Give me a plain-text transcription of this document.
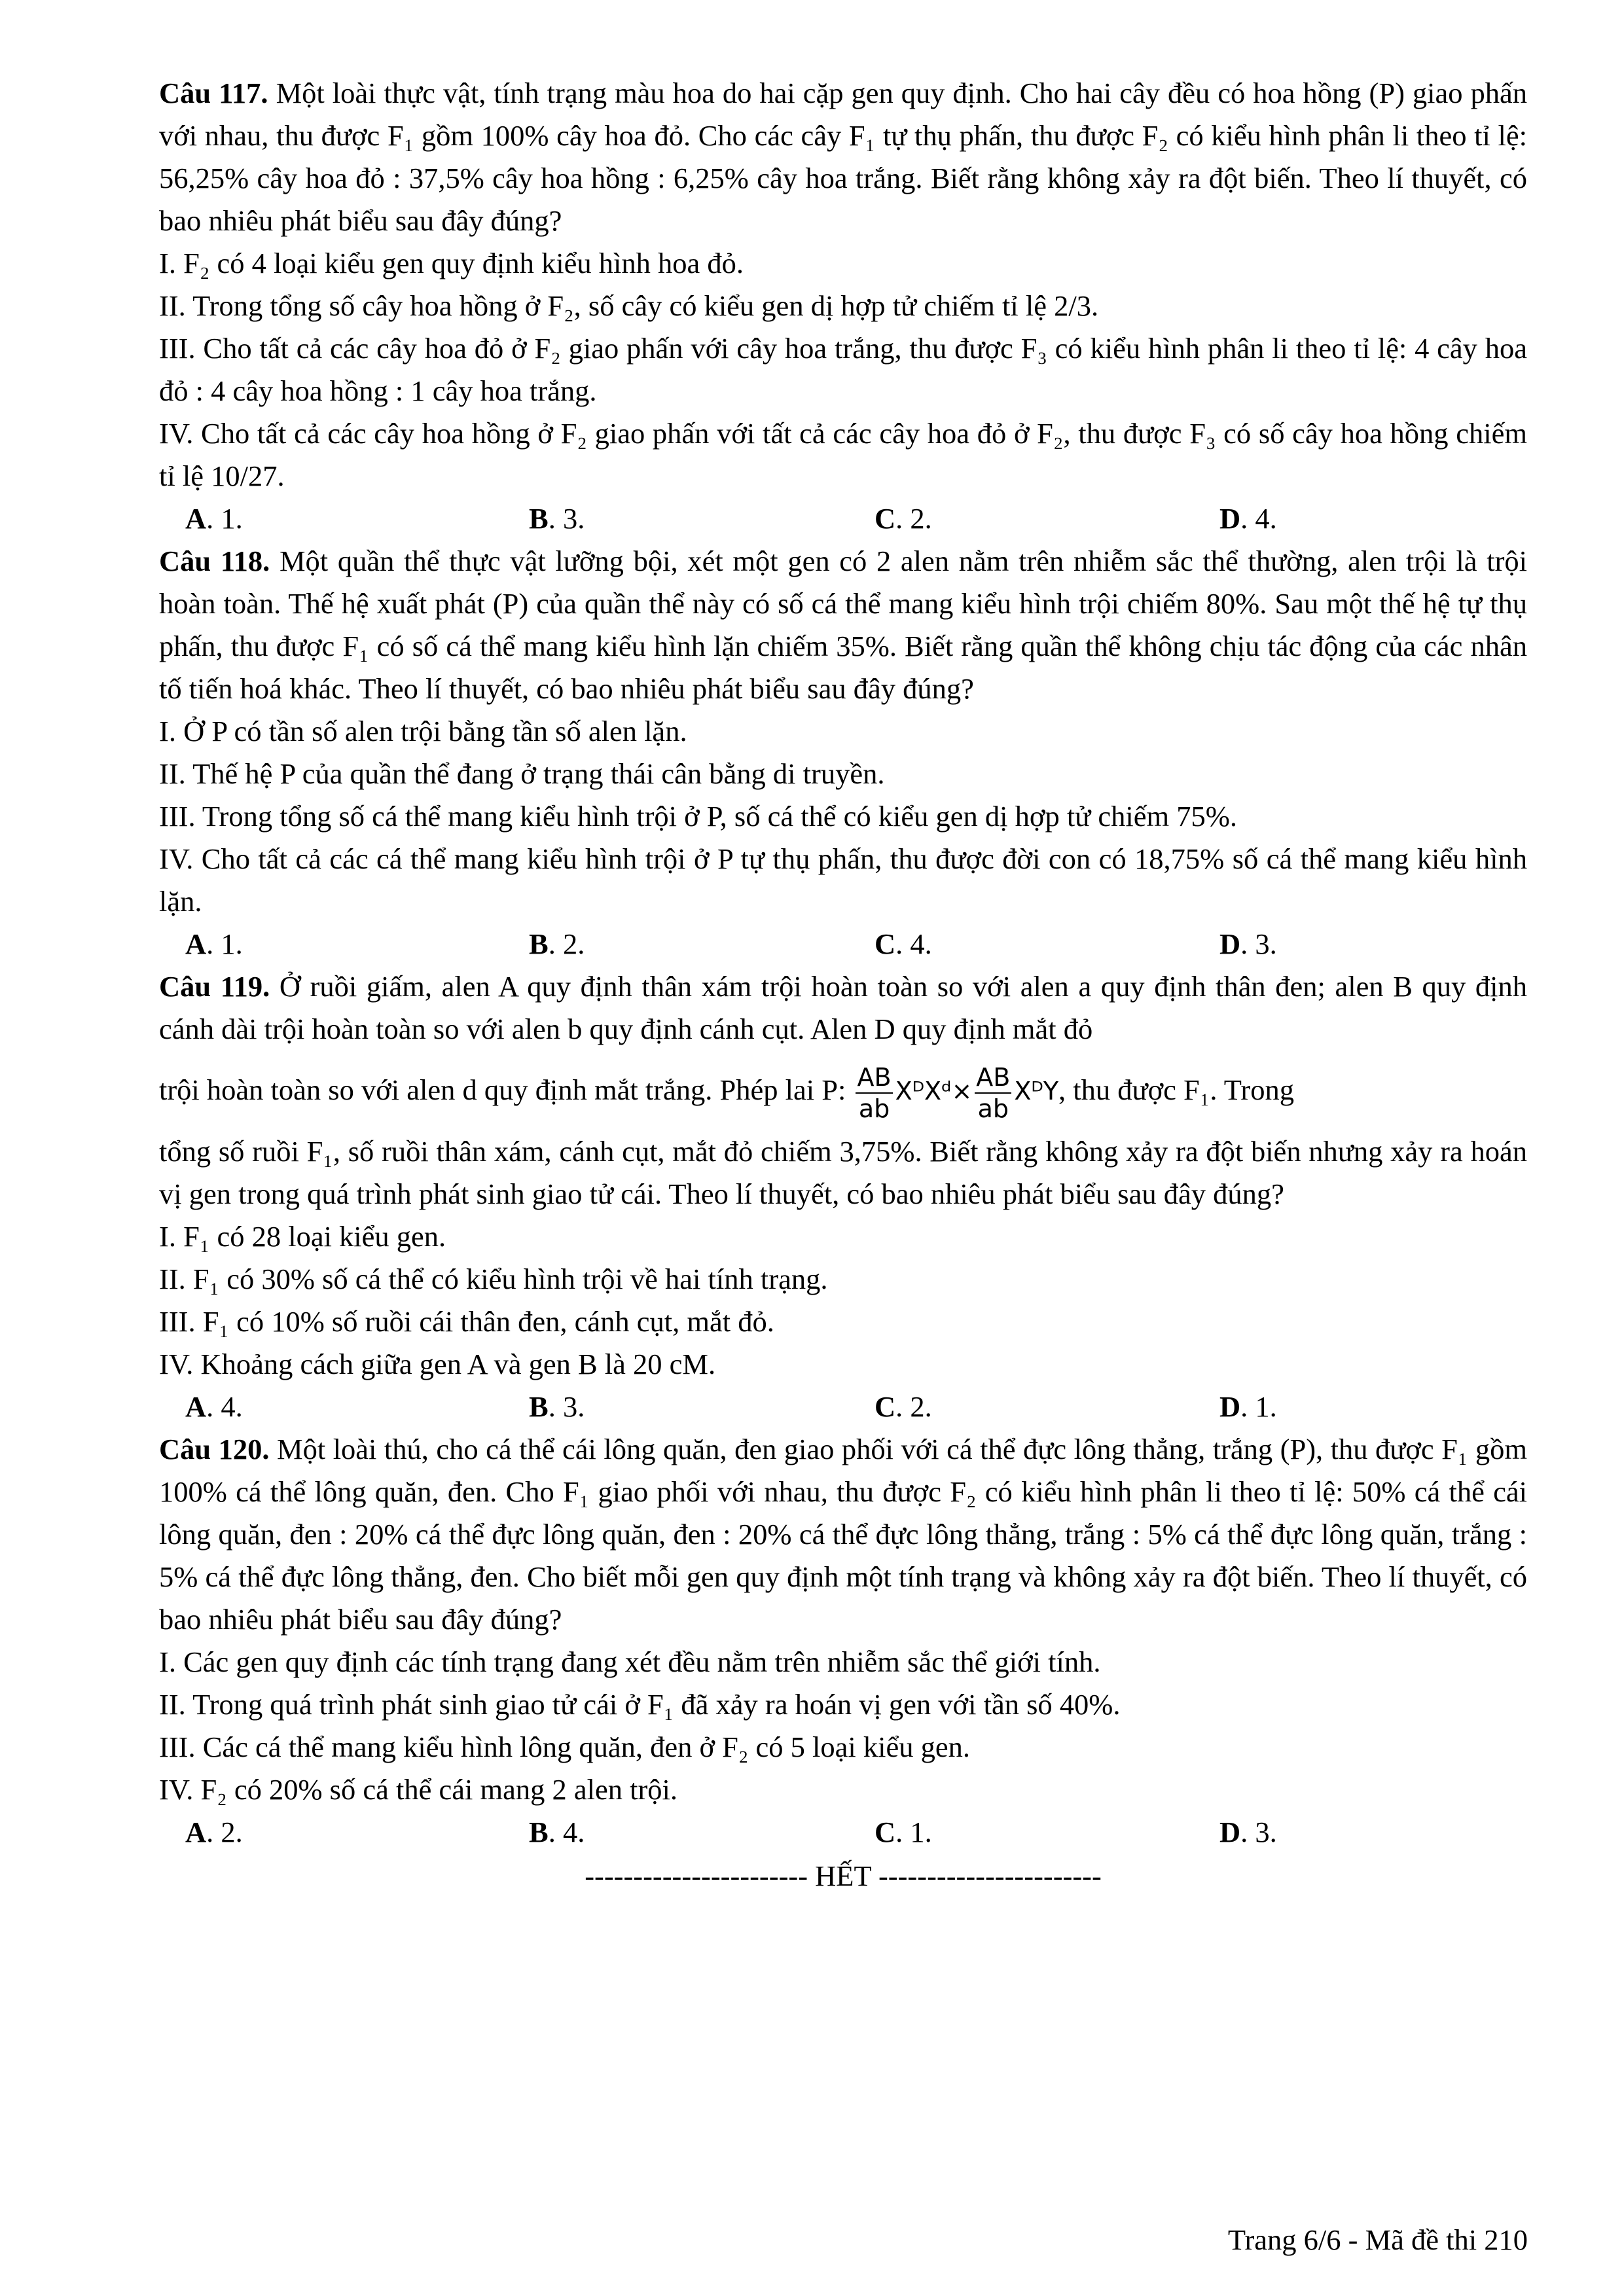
Câu 117. Một loài thực vật, tính trạng màu hoa do hai cặp gen quy định. Cho hai cây đều có hoa hồng (P) giao phấn với nhau, thu được F₁ gồm 100% cây hoa đỏ. Cho các cây F₁ tự thụ phấn, thu được F₂ có kiểu hình phân li theo tỉ lệ: 56,25% cây hoa đỏ : 37,5% cây hoa hồng : 6,25% cây hoa trắng. Biết rằng không xảy ra đột biến. Theo lí thuyết, có bao nhiêu phát biểu sau đây đúng?

I. F₂ có 4 loại kiểu gen quy định kiểu hình hoa đỏ.

II. Trong tổng số cây hoa hồng ở F₂, số cây có kiểu gen dị hợp tử chiếm tỉ lệ 2/3.

III. Cho tất cả các cây hoa đỏ ở F₂ giao phấn với cây hoa trắng, thu được F₃ có kiểu hình phân li theo tỉ lệ: 4 cây hoa đỏ : 4 cây hoa hồng : 1 cây hoa trắng.

IV. Cho tất cả các cây hoa hồng ở F₂ giao phấn với tất cả các cây hoa đỏ ở F₂, thu được F₃ có số cây hoa hồng chiếm tỉ lệ 10/27.

A. 1.	B. 3.	C. 2.	D. 4.

Câu 118. Một quần thể thực vật lưỡng bội, xét một gen có 2 alen nằm trên nhiễm sắc thể thường, alen trội là trội hoàn toàn. Thế hệ xuất phát (P) của quần thể này có số cá thể mang kiểu hình trội chiếm 80%. Sau một thế hệ tự thụ phấn, thu được F₁ có số cá thể mang kiểu hình lặn chiếm 35%. Biết rằng quần thể không chịu tác động của các nhân tố tiến hoá khác. Theo lí thuyết, có bao nhiêu phát biểu sau đây đúng?

I. Ở P có tần số alen trội bằng tần số alen lặn.

II. Thế hệ P của quần thể đang ở trạng thái cân bằng di truyền.

III. Trong tổng số cá thể mang kiểu hình trội ở P, số cá thể có kiểu gen dị hợp tử chiếm 75%.

IV. Cho tất cả các cá thể mang kiểu hình trội ở P tự thụ phấn, thu được đời con có 18,75% số cá thể mang kiểu hình lặn.

A. 1.	B. 2.	C. 4.	D. 3.

Câu 119. Ở ruồi giấm, alen A quy định thân xám trội hoàn toàn so với alen a quy định thân đen; alen B quy định cánh dài trội hoàn toàn so với alen b quy định cánh cụt. Alen D quy định mắt đỏ

trội hoàn toàn so với alen d quy định mắt trắng. Phép lai P: $\frac{AB}{ab}$ XᴰXᵈ× $\frac{AB}{ab}$ XᴰY, thu được F₁. Trong

tổng số ruồi F₁, số ruồi thân xám, cánh cụt, mắt đỏ chiếm 3,75%. Biết rằng không xảy ra đột biến nhưng xảy ra hoán vị gen trong quá trình phát sinh giao tử cái. Theo lí thuyết, có bao nhiêu phát biểu sau đây đúng?

I. F₁ có 28 loại kiểu gen.

II. F₁ có 30% số cá thể có kiểu hình trội về hai tính trạng.

III. F₁ có 10% số ruồi cái thân đen, cánh cụt, mắt đỏ.

IV. Khoảng cách giữa gen A và gen B là 20 cM.

A. 4.	B. 3.	C. 2.	D. 1.

Câu 120. Một loài thú, cho cá thể cái lông quăn, đen giao phối với cá thể đực lông thẳng, trắng (P), thu được F₁ gồm 100% cá thể lông quăn, đen. Cho F₁ giao phối với nhau, thu được F₂ có kiểu hình phân li theo tỉ lệ: 50% cá thể cái lông quăn, đen : 20% cá thể đực lông quăn, đen : 20% cá thể đực lông thẳng, trắng : 5% cá thể đực lông quăn, trắng : 5% cá thể đực lông thẳng, đen. Cho biết mỗi gen quy định một tính trạng và không xảy ra đột biến. Theo lí thuyết, có bao nhiêu phát biểu sau đây đúng?

I. Các gen quy định các tính trạng đang xét đều nằm trên nhiễm sắc thể giới tính.

II. Trong quá trình phát sinh giao tử cái ở F₁ đã xảy ra hoán vị gen với tần số 40%.

III. Các cá thể mang kiểu hình lông quăn, đen ở F₂ có 5 loại kiểu gen.

IV. F₂ có 20% số cá thể cái mang 2 alen trội.

A. 2.	B. 4.	C. 1.	D. 3.
----------------------- HẾT -----------------------
Trang 6/6 - Mã đề thi 210
